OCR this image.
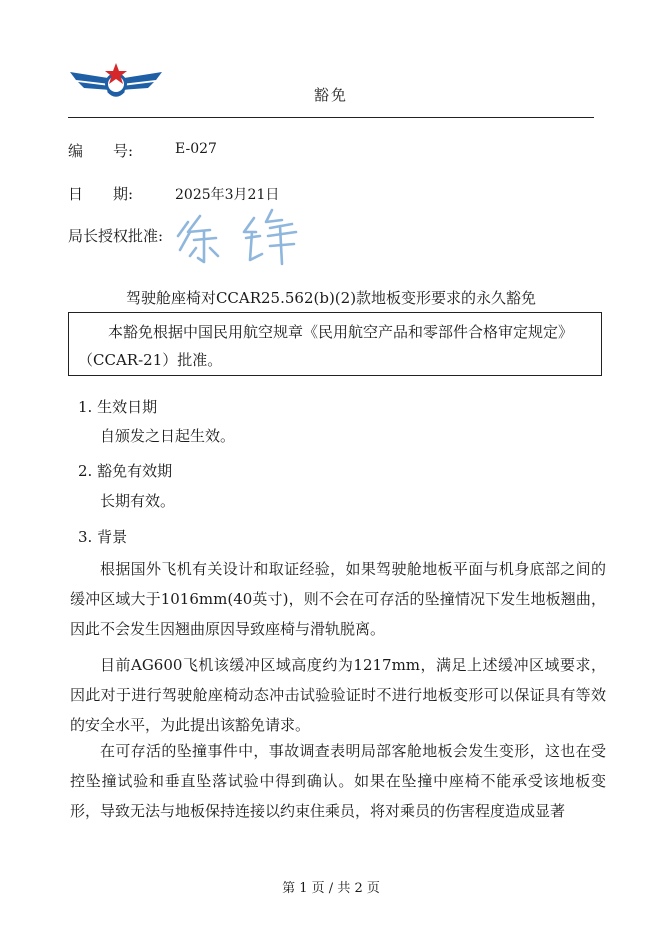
豁免
编　　号:	E-027
日　　期:	2025年3月21日
局长授权批准:
驾驶舱座椅对CCAR25.562(b)(2)款地板变形要求的永久豁免
本豁免根据中国民用航空规章《民用航空产品和零部件合格审定规定》（CCAR-21）批准。
1. 生效日期
自颁发之日起生效。
2. 豁免有效期
长期有效。
3. 背景
根据国外飞机有关设计和取证经验，如果驾驶舱地板平面与机身底部之间的缓冲区域大于1016mm(40英寸)，则不会在可存活的坠撞情况下发生地板翘曲，因此不会发生因翘曲原因导致座椅与滑轨脱离。
目前AG600飞机该缓冲区域高度约为1217mm，满足上述缓冲区域要求，因此对于进行驾驶舱座椅动态冲击试验验证时不进行地板变形可以保证具有等效的安全水平，为此提出该豁免请求。
在可存活的坠撞事件中，事故调查表明局部客舱地板会发生变形，这也在受控坠撞试验和垂直坠落试验中得到确认。如果在坠撞中座椅不能承受该地板变形，导致无法与地板保持连接以约束住乘员，将对乘员的伤害程度造成显著
第 1 页 / 共 2 页
